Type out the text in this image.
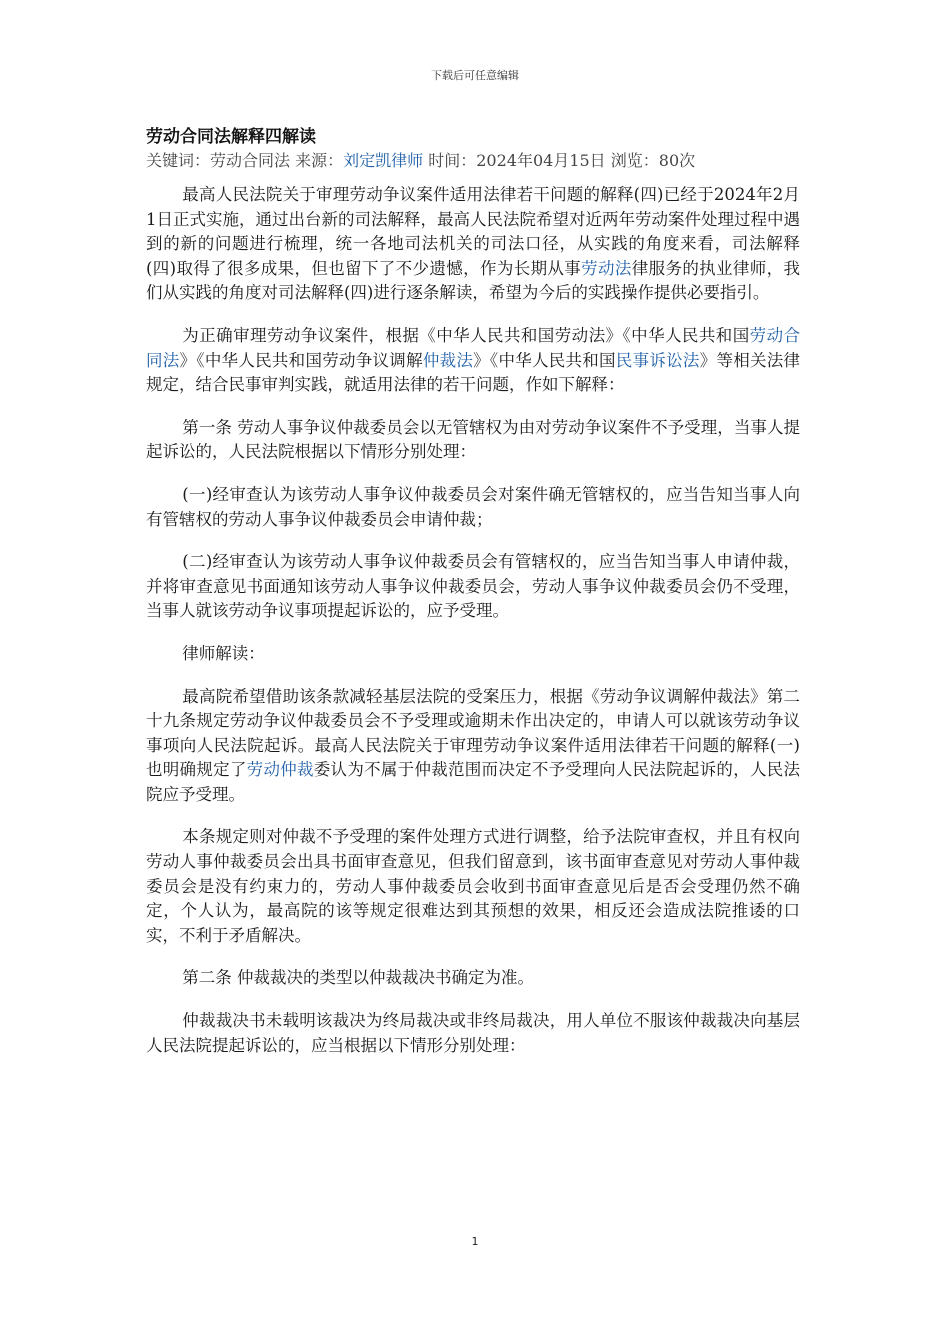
下载后可任意编辑
劳动合同法解释四解读
关键词：劳动合同法 来源：刘定凯律师 时间：2024年04月15日 浏览：80次

最高人民法院关于审理劳动争议案件适用法律若干问题的解释(四)已经于2024年2月1日正式实施，通过出台新的司法解释，最高人民法院希望对近两年劳动案件处理过程中遇到的新的问题进行梳理，统一各地司法机关的司法口径，从实践的角度来看，司法解释(四)取得了很多成果，但也留下了不少遗憾，作为长期从事劳动法律服务的执业律师，我们从实践的角度对司法解释(四)进行逐条解读，希望为今后的实践操作提供必要指引。

为正确审理劳动争议案件，根据《中华人民共和国劳动法》《中华人民共和国劳动合同法》《中华人民共和国劳动争议调解仲裁法》《中华人民共和国民事诉讼法》等相关法律规定，结合民事审判实践，就适用法律的若干问题，作如下解释：

第一条 劳动人事争议仲裁委员会以无管辖权为由对劳动争议案件不予受理，当事人提起诉讼的，人民法院根据以下情形分别处理：

(一)经审查认为该劳动人事争议仲裁委员会对案件确无管辖权的，应当告知当事人向有管辖权的劳动人事争议仲裁委员会申请仲裁；

(二)经审查认为该劳动人事争议仲裁委员会有管辖权的，应当告知当事人申请仲裁，并将审查意见书面通知该劳动人事争议仲裁委员会，劳动人事争议仲裁委员会仍不受理，当事人就该劳动争议事项提起诉讼的，应予受理。

律师解读：

最高院希望借助该条款减轻基层法院的受案压力，根据《劳动争议调解仲裁法》第二十九条规定劳动争议仲裁委员会不予受理或逾期未作出决定的，申请人可以就该劳动争议事项向人民法院起诉。最高人民法院关于审理劳动争议案件适用法律若干问题的解释(一)也明确规定了劳动仲裁委认为不属于仲裁范围而决定不予受理向人民法院起诉的，人民法院应予受理。

本条规定则对仲裁不予受理的案件处理方式进行调整，给予法院审查权，并且有权向劳动人事仲裁委员会出具书面审查意见，但我们留意到，该书面审查意见对劳动人事仲裁委员会是没有约束力的，劳动人事仲裁委员会收到书面审查意见后是否会受理仍然不确定，个人认为，最高院的该等规定很难达到其预想的效果，相反还会造成法院推诿的口实，不利于矛盾解决。

第二条 仲裁裁决的类型以仲裁裁决书确定为准。

仲裁裁决书未载明该裁决为终局裁决或非终局裁决，用人单位不服该仲裁裁决向基层人民法院提起诉讼的，应当根据以下情形分别处理：

1
